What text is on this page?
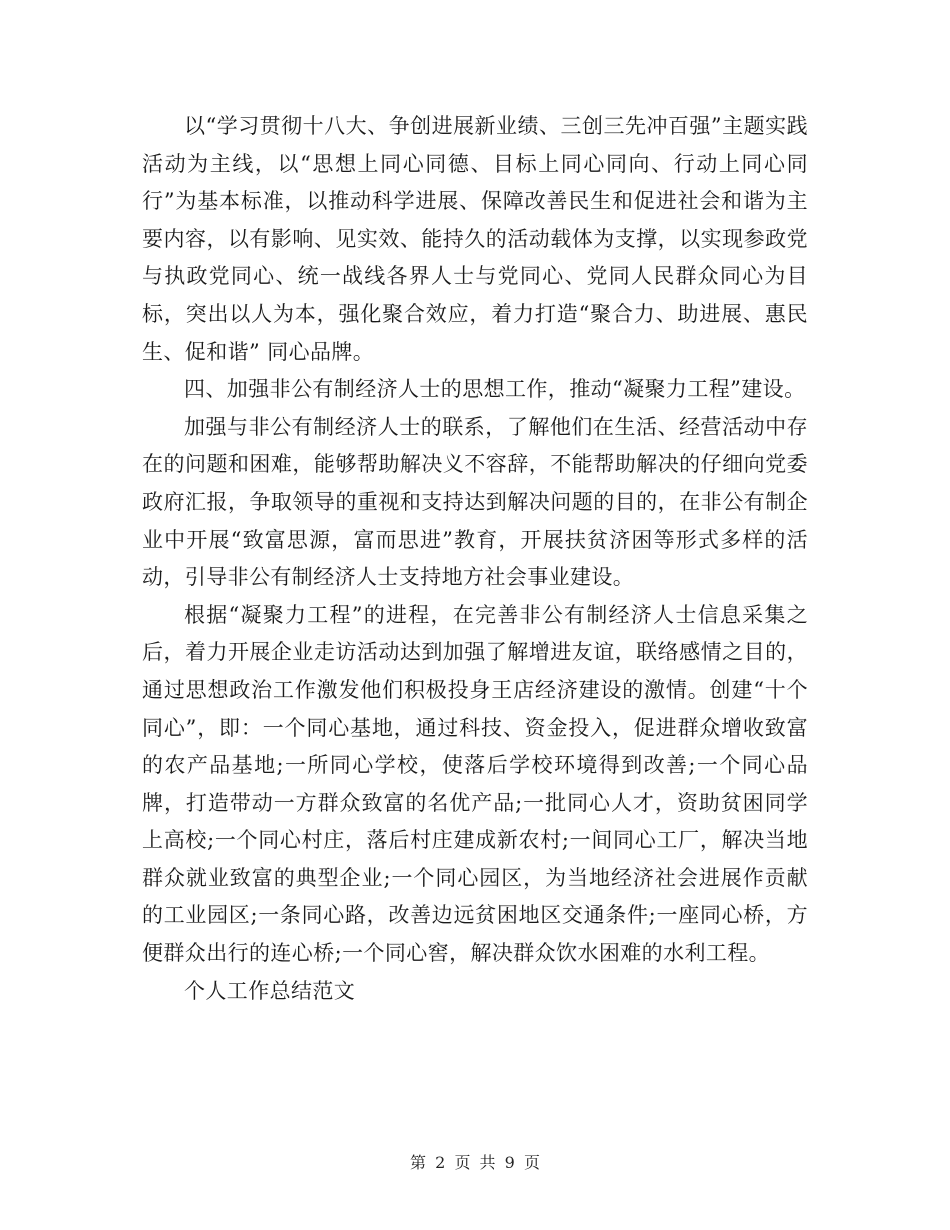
以“学习贯彻十八大、争创进展新业绩、三创三先冲百强”主题实践活动为主线，以“思想上同心同德、目标上同心同向、行动上同心同行”为基本标准，以推动科学进展、保障改善民生和促进社会和谐为主要内容，以有影响、见实效、能持久的活动载体为支撑，以实现参政党与执政党同心、统一战线各界人士与党同心、党同人民群众同心为目标，突出以人为本，强化聚合效应，着力打造“聚合力、助进展、惠民生、促和谐” 同心品牌。

四、加强非公有制经济人士的思想工作，推动“凝聚力工程”建设。

加强与非公有制经济人士的联系，了解他们在生活、经营活动中存在的问题和困难，能够帮助解决义不容辞，不能帮助解决的仔细向党委政府汇报，争取领导的重视和支持达到解决问题的目的，在非公有制企业中开展“致富思源，富而思进”教育，开展扶贫济困等形式多样的活动，引导非公有制经济人士支持地方社会事业建设。

根据“凝聚力工程”的进程，在完善非公有制经济人士信息采集之后，着力开展企业走访活动达到加强了解增进友谊，联络感情之目的，通过思想政治工作激发他们积极投身王店经济建设的激情。创建“十个同心”，即：一个同心基地，通过科技、资金投入，促进群众增收致富的农产品基地;一所同心学校，使落后学校环境得到改善;一个同心品牌，打造带动一方群众致富的名优产品;一批同心人才，资助贫困同学上高校;一个同心村庄，落后村庄建成新农村;一间同心工厂，解决当地群众就业致富的典型企业;一个同心园区，为当地经济社会进展作贡献的工业园区;一条同心路，改善边远贫困地区交通条件;一座同心桥，方便群众出行的连心桥;一个同心窖，解决群众饮水困难的水利工程。

个人工作总结范文

第 2 页 共 9 页
